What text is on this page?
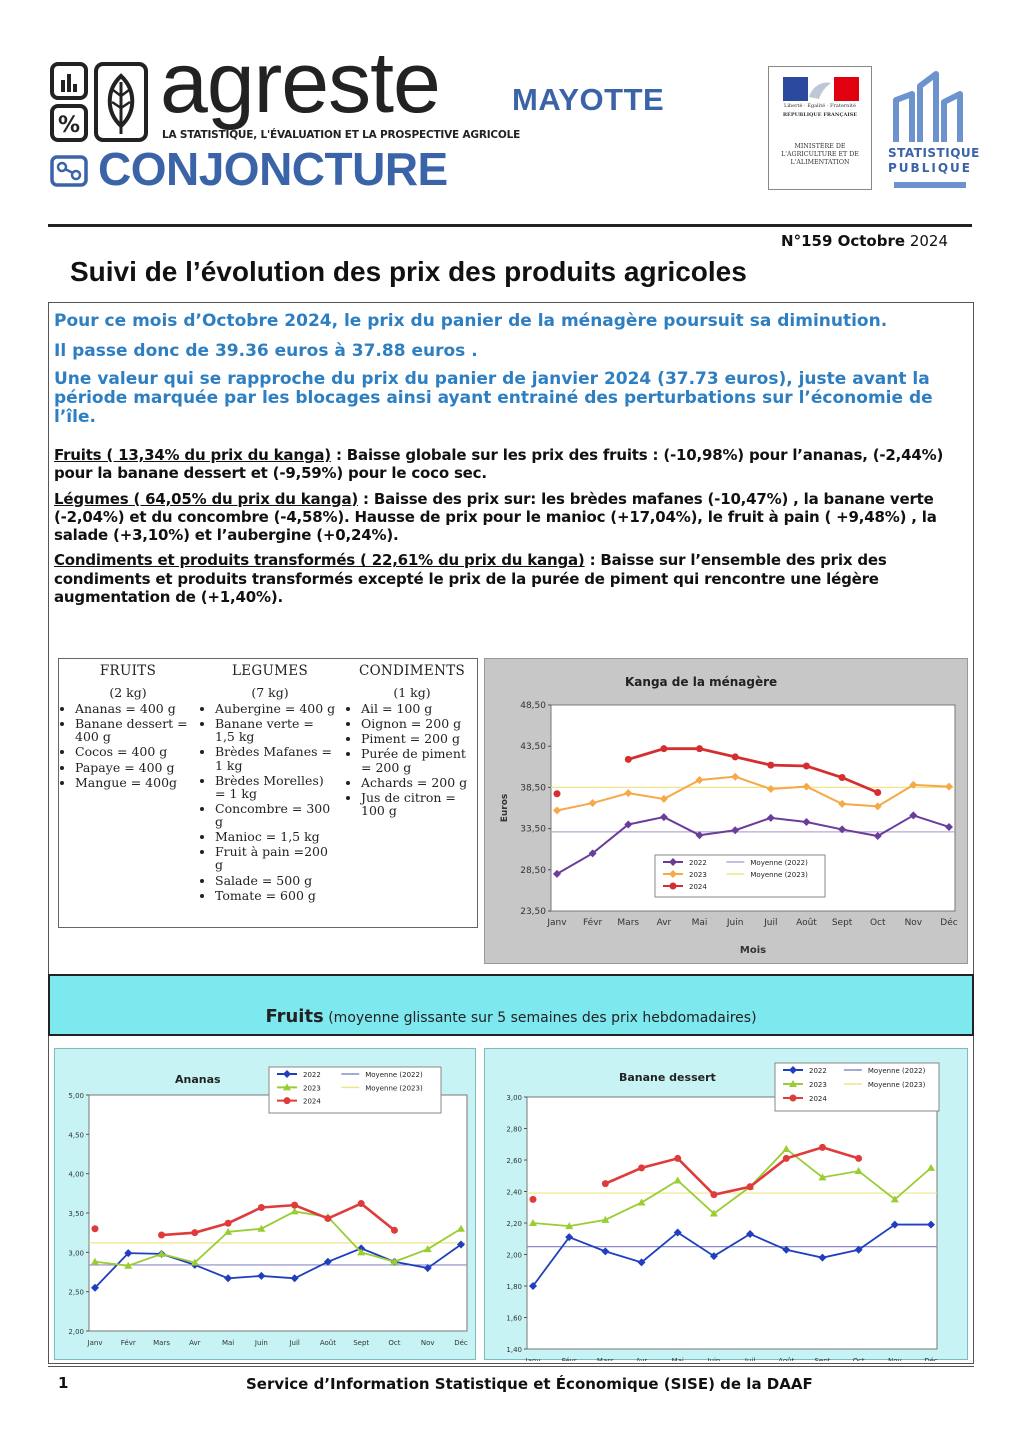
% agreste
LA STATISTIQUE, L'ÉVALUATION ET LA PROSPECTIVE AGRICOLE
MAYOTTE
CONJONCTURE
Liberté · Égalité · Fraternité
RÉPUBLIQUE FRANÇAISE
MINISTÈRE DE L'AGRICULTURE ET DE L'ALIMENTATION
STATISTIQUE
PUBLIQUE
N°159 Octobre 2024
Suivi de l’évolution des prix des produits agricoles

Pour ce mois d’Octobre 2024, le prix du panier de la ménagère poursuit sa diminution.

Il passe donc de 39.36 euros à 37.88 euros .

Une valeur qui se rapproche du prix du panier de janvier 2024 (37.73 euros), juste avant la période marquée par les blocages ainsi ayant entrainé des perturbations sur l’économie de l’île.

Fruits ( 13,34% du prix du kanga) : Baisse globale sur les prix des fruits : (-10,98%) pour l’ananas, (-2,44%) pour la banane dessert et (-9,59%) pour le coco sec.

Légumes ( 64,05% du prix du kanga) : Baisse des prix sur: les brèdes mafanes (-10,47%) , la banane verte (-2,04%) et du concombre (-4,58%). Hausse de prix pour le manioc (+17,04%), le fruit à pain ( +9,48%) , la salade (+3,10%) et l’aubergine (+0,24%).

Condiments et produits transformés ( 22,61% du prix du kanga) : Baisse sur l’ensemble des prix des condiments et produits transformés excepté le prix de la purée de piment qui rencontre une légère augmentation de (+1,40%).

FRUITS
(2 kg)
• Ananas = 400 g
• Banane dessert = 400 g
• Cocos = 400 g
• Papaye = 400 g
• Mangue = 400g
LEGUMES
(7 kg)
• Aubergine = 400 g
• Banane verte = 1,5 kg
• Brèdes Mafanes = 1 kg
• Brèdes Morelles) = 1 kg
• Concombre = 300 g
• Manioc = 1,5 kg
• Fruit à pain =200 g
• Salade = 500 g
• Tomate = 600 g
CONDIMENTS
(1 kg)
• Ail = 100 g
• Oignon = 200 g
• Piment = 200 g
• Purée de piment = 200 g
• Achards = 200 g
• Jus de citron = 100 g
Kanga de la ménagère
23,50
28,50
33,50
38,50
43,50
48,50
Janv Févr Mars Avr Mai Juin Juil Août Sept Oct Nov Déc
Mois
Euros
2022
2023
2024
Moyenne (2022)
Moyenne (2023)
Fruits (moyenne glissante sur 5 semaines des prix hebdomadaires)
Ananas
2,00
2,50
3,00
3,50
4,00
4,50
5,00
Janv	Févr Mars	Avr	Mai	Juin	Juil	Août Sept	Oct	Nov	Déc
2022
2023
2024
Moyenne (2022)
Moyenne (2023)
Banane dessert
1,40
1,60
1,80
2,00
2,20
2,40
2,60
2,80
3,00
Janv	Févr	Mars	Avr	Mai	Juin	Juil	Août	Sept	Oct	Nov	Déc
2022
2023
2024
Moyenne (2022)
Moyenne (2023)
1	Service d’Information Statistique et Économique (SISE) de la DAAF
